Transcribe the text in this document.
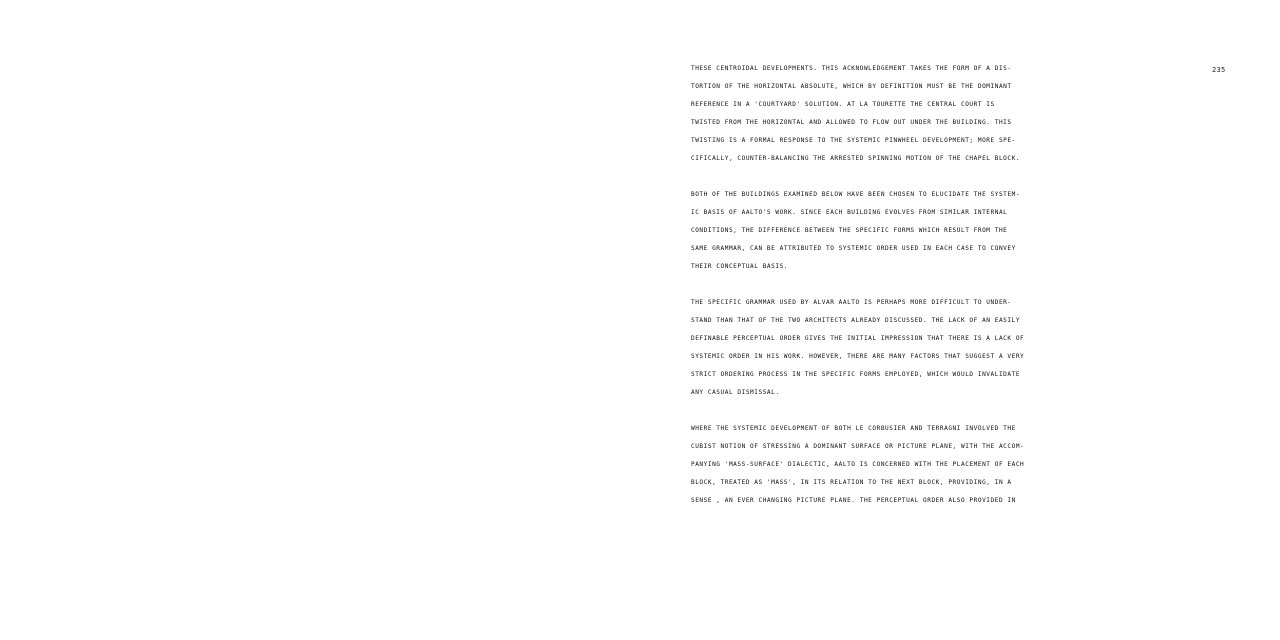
235
THESE CENTROIDAL DEVELOPMENTS. THIS ACKNOWLEDGEMENT TAKES THE FORM OF A DIS-
TORTION OF THE HORIZONTAL ABSOLUTE, WHICH BY DEFINITION MUST BE THE DOMINANT
REFERENCE IN A 'COURTYARD' SOLUTION. AT LA TOURETTE THE CENTRAL COURT IS
TWISTED FROM THE HORIZONTAL AND ALLOWED TO FLOW OUT UNDER THE BUILDING. THIS
TWISTING IS A FORMAL RESPONSE TO THE SYSTEMIC PINWHEEL DEVELOPMENT; MORE SPE-
CIFICALLY, COUNTER-BALANCING THE ARRESTED SPINNING MOTION OF THE CHAPEL BLOCK.
BOTH OF THE BUILDINGS EXAMINED BELOW HAVE BEEN CHOSEN TO ELUCIDATE THE SYSTEM-
IC BASIS OF AALTO'S WORK. SINCE EACH BUILDING EVOLVES FROM SIMILAR INTERNAL
CONDITIONS, THE DIFFERENCE BETWEEN THE SPECIFIC FORMS WHICH RESULT FROM THE
SAME GRAMMAR, CAN BE ATTRIBUTED TO SYSTEMIC ORDER USED IN EACH CASE TO CONVEY
THEIR CONCEPTUAL BASIS.
THE SPECIFIC GRAMMAR USED BY ALVAR AALTO IS PERHAPS MORE DIFFICULT TO UNDER-
STAND THAN THAT OF THE TWO ARCHITECTS ALREADY DISCUSSED. THE LACK OF AN EASILY
DEFINABLE PERCEPTUAL ORDER GIVES THE INITIAL IMPRESSION THAT THERE IS A LACK OF
SYSTEMIC ORDER IN HIS WORK. HOWEVER, THERE ARE MANY FACTORS THAT SUGGEST A VERY
STRICT ORDERING PROCESS IN THE SPECIFIC FORMS EMPLOYED, WHICH WOULD INVALIDATE
ANY CASUAL DISMISSAL.
WHERE THE SYSTEMIC DEVELOPMENT OF BOTH LE CORBUSIER AND TERRAGNI INVOLVED THE
CUBIST NOTION OF STRESSING A DOMINANT SURFACE OR PICTURE PLANE, WITH THE ACCOM-
PANYING 'MASS-SURFACE' DIALECTIC, AALTO IS CONCERNED WITH THE PLACEMENT OF EACH
BLOCK, TREATED AS 'MASS', IN ITS RELATION TO THE NEXT BLOCK, PROVIDING, IN A
SENSE , AN EVER CHANGING PICTURE PLANE. THE PERCEPTUAL ORDER ALSO PROVIDED IN
